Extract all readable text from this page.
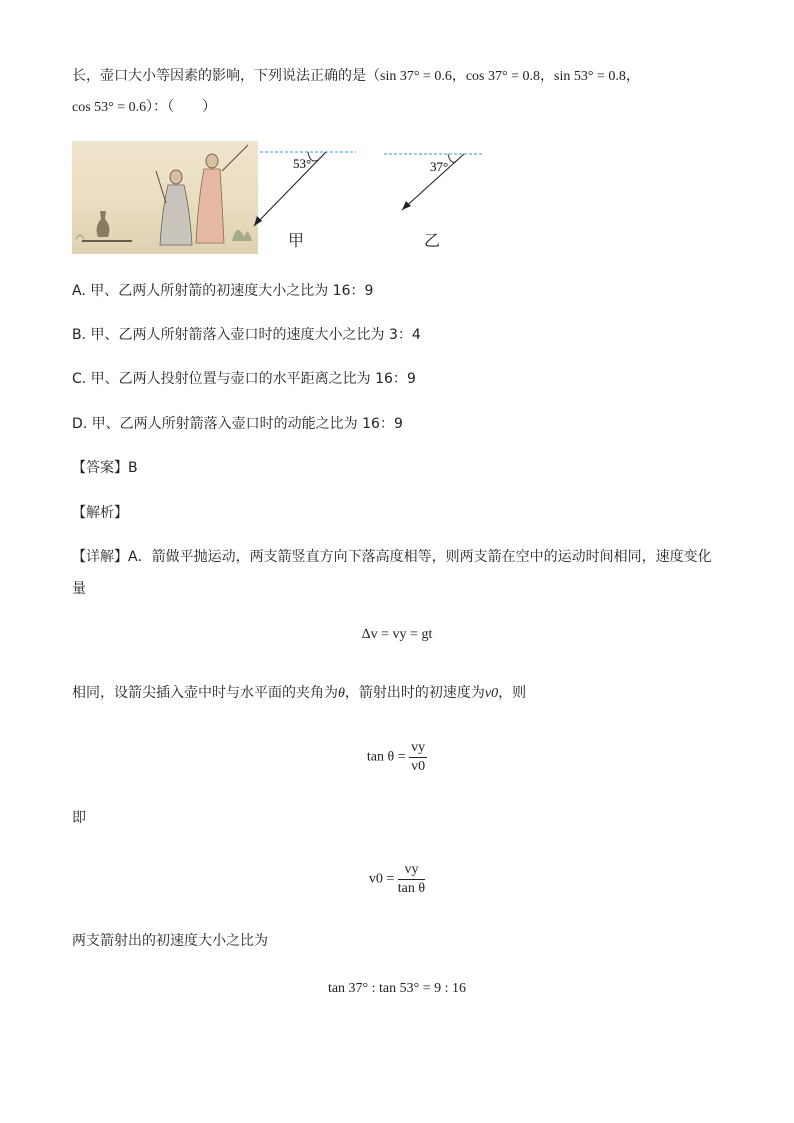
长，壶口大小等因素的影响，下列说法正确的是（sin 37° = 0.6，cos 37° = 0.8，sin 53° = 0.8，
cos 53° = 0.6）：（　　）
53°
甲
37°
乙
A. 甲、乙两人所射箭的初速度大小之比为 16：9
B. 甲、乙两人所射箭落入壶口时的速度大小之比为 3：4
C. 甲、乙两人投射位置与壶口的水平距离之比为 16：9
D. 甲、乙两人所射箭落入壶口时的动能之比为 16：9
【答案】B
【解析】
【详解】A．箭做平抛运动，两支箭竖直方向下落高度相等，则两支箭在空中的运动时间相同，速度变化
量
Δv = vy = gt
相同，设箭尖插入壶中时与水平面的夹角为θ，箭射出时的初速度为v0，则
$\tan \theta = \frac{vy}{v0}$
即
$v0 = \frac{vy}{\text{tan θ}}$
两支箭射出的初速度大小之比为
tan 37° : tan 53° = 9 : 16
